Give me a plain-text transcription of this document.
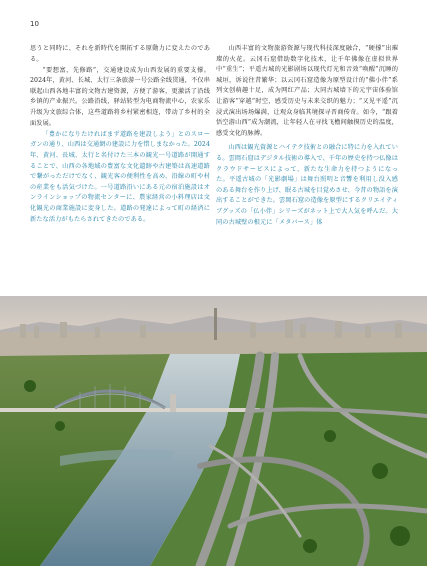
10

思うと同時に、それを新時代を開拓する原動力に変えたのである。

“要想富，先修路”，交通建设成为山西发展的重要支撑。2024年，黄河、长城、太行三条旅游一号公路全线贯通，不仅串联起山西各地丰富的文物古建资源，方便了游客，更激活了沿线乡镇的产业振兴。公路沿线，驿站转型为电商物流中心，农家乐升级为文旅综合体，这些道路将乡村紧密相连，带动了乡村的全面发展。

「豊かになりたければまず道路を建設しよう」とのスローガンの通り、山西は交通網の建設に力を惜しまなかった。2024年、黄河、長城、太行と名付けた三本の観光一号道路が開通することで、山西の各地域の豊富な文化遺跡や古建築は高速道路で繋がっただけでなく、観光客の便利性を高め、沿線の町や村の産業をも活気づけた。一号道路沿いにある元の宿泊施設はオンラインショップの物流センターに、農家経営の小料理店は文化観光の商業施設に変身した。道路の発達によって町の経済に新たな活力がもたらされてきたのである。

山西丰富的文物旅游资源与现代科技深度融合，“硬撑”出璀璨的火花。云冈石窟借助数字化技术，让千年佛像在虚拟世界中“重生”；平遥古城的光影剧场以现代灯光和音效“唤醒”沉睡的城垣，诉说往昔繁华；以云冈石窟造像为原型设计的“佛小伴”系列文创萌趣十足，成为网红产品；大同古城墙下的元宇宙体验馆让游客“穿越”时空，感受历史与未来交织的魅力；“又见平遥”沉浸式演出场场爆满，让观众身临其境探寻晋商传奇。如今，“跟着悟空游山西”成为潮流，让年轻人在寻找飞檐间触摸历史的温度，感受文化的脉搏。

山西は観光資源とハイテク技術との融合に特に力を入れている。雲岡石窟はデジタル技術の導入で、千年の歴史を持つ仏像はクラウドサービスによって、新たな生命力を持つようになった。平遥古城の「光影劇場」は舞台照明と音響を利用し没入感のある舞台を作り上げ、眠る古城を目覚めさせ、今昔の物語を演出することができた。雲岡石窟の造像を原型にするクリエイティブグッズの「仏小伴」シリーズがネット上で大人気を呼んだ。大同の古城壁の根元に「メタバース」体
